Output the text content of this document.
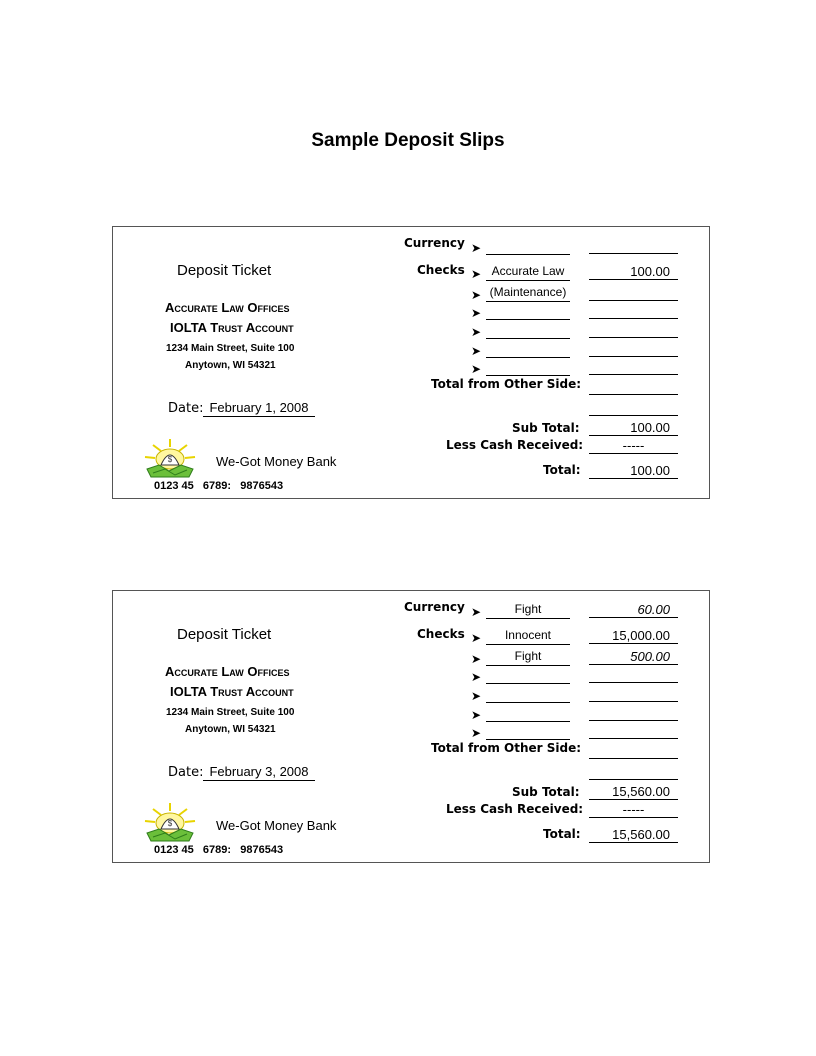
Sample Deposit Slips
Deposit Ticket
Accurate Law Offices
IOLTA Trust Account
1234 Main Street, Suite 100
Anytown, WI 54321
Date: February 1, 2008
$	We-Got Money Bank
0123 45   6789:   9876543
Currency
Checks
➤
➤ Accurate Law	100.00
➤ (Maintenance)
➤
➤
➤
➤
Total from Other Side:
Sub Total:	100.00
Less Cash Received:	-----
Total:	100.00
Deposit Ticket
Accurate Law Offices
IOLTA Trust Account
1234 Main Street, Suite 100
Anytown, WI 54321
Date: February 3, 2008
$	We-Got Money Bank
0123 45   6789:   9876543
Currency
Checks
➤	Fight	60.00
➤	Innocent	15,000.00
➤	Fight	500.00
➤
➤
➤
➤
Total from Other Side:
Sub Total:	15,560.00
Less Cash Received:	-----
Total:	15,560.00
